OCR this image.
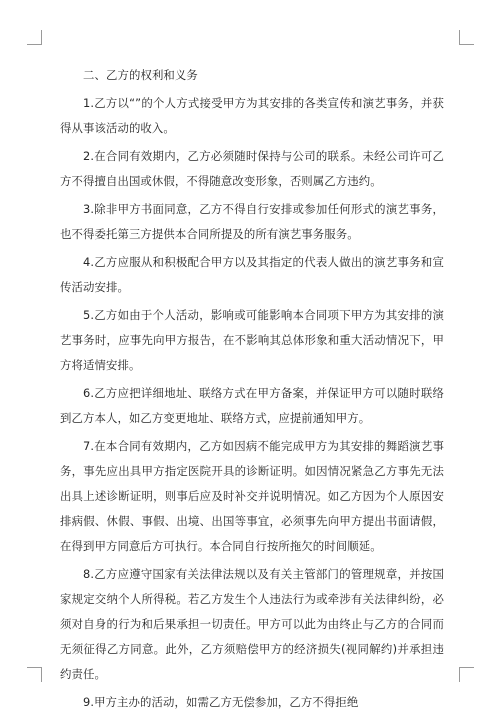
二、乙方的权利和义务

1.乙方以“”的个人方式接受甲方为其安排的各类宣传和演艺事务，并获得从事该活动的收入。

2.在合同有效期内，乙方必须随时保持与公司的联系。未经公司许可乙方不得擅自出国或休假，不得随意改变形象，否则属乙方违约。

3.除非甲方书面同意，乙方不得自行安排或参加任何形式的演艺事务，也不得委托第三方提供本合同所提及的所有演艺事务服务。

4.乙方应服从和积极配合甲方以及其指定的代表人做出的演艺事务和宣传活动安排。

5.乙方如由于个人活动，影响或可能影响本合同项下甲方为其安排的演艺事务时，应事先向甲方报告，在不影响其总体形象和重大活动情况下，甲方将适情安排。

6.乙方应把详细地址、联络方式在甲方备案，并保证甲方可以随时联络到乙方本人，如乙方变更地址、联络方式，应提前通知甲方。

7.在本合同有效期内，乙方如因病不能完成甲方为其安排的舞蹈演艺事务，事先应出具甲方指定医院开具的诊断证明。如因情况紧急乙方事先无法出具上述诊断证明，则事后应及时补交并说明情况。如乙方因为个人原因安排病假、休假、事假、出境、出国等事宜，必须事先向甲方提出书面请假，在得到甲方同意后方可执行。本合同自行按所拖欠的时间顺延。

8.乙方应遵守国家有关法律法规以及有关主管部门的管理规章，并按国家规定交纳个人所得税。若乙方发生个人违法行为或牵涉有关法律纠纷，必须对自身的行为和后果承担一切责任。甲方可以此为由终止与乙方的合同而无须征得乙方同意。此外，乙方须赔偿甲方的经济损失(视同解约)并承担违约责任。

9.甲方主办的活动，如需乙方无偿参加，乙方不得拒绝
